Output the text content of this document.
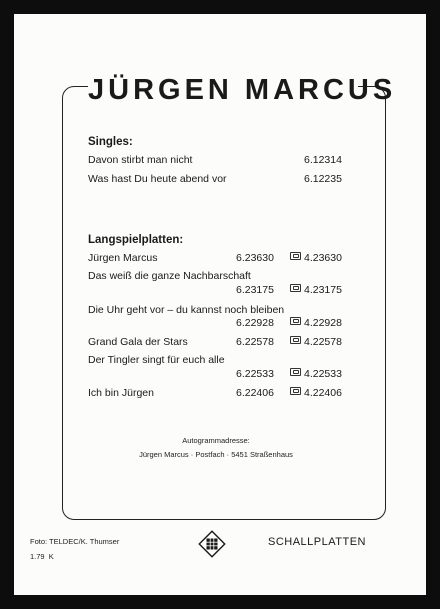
JÜRGEN MARCUS
Singles:
Davon stirbt man nicht	6.12314
Was hast Du heute abend vor	6.12235
Langspielplatten:
Jürgen Marcus	6.23630	4.23630
Das weiß die ganze Nachbarschaft
6.23175	4.23175
Die Uhr geht vor – du kannst noch bleiben
6.22928	4.22928
Grand Gala der Stars	6.22578	4.22578
Der Tingler singt für euch alle
6.22533	4.22533
Ich bin Jürgen	6.22406	4.22406
Autogrammadresse:
Jürgen Marcus · Postfach · 5451 Straßenhaus
Foto: TELDEC/K. Thumser
1.79  K
SCHALLPLATTEN
